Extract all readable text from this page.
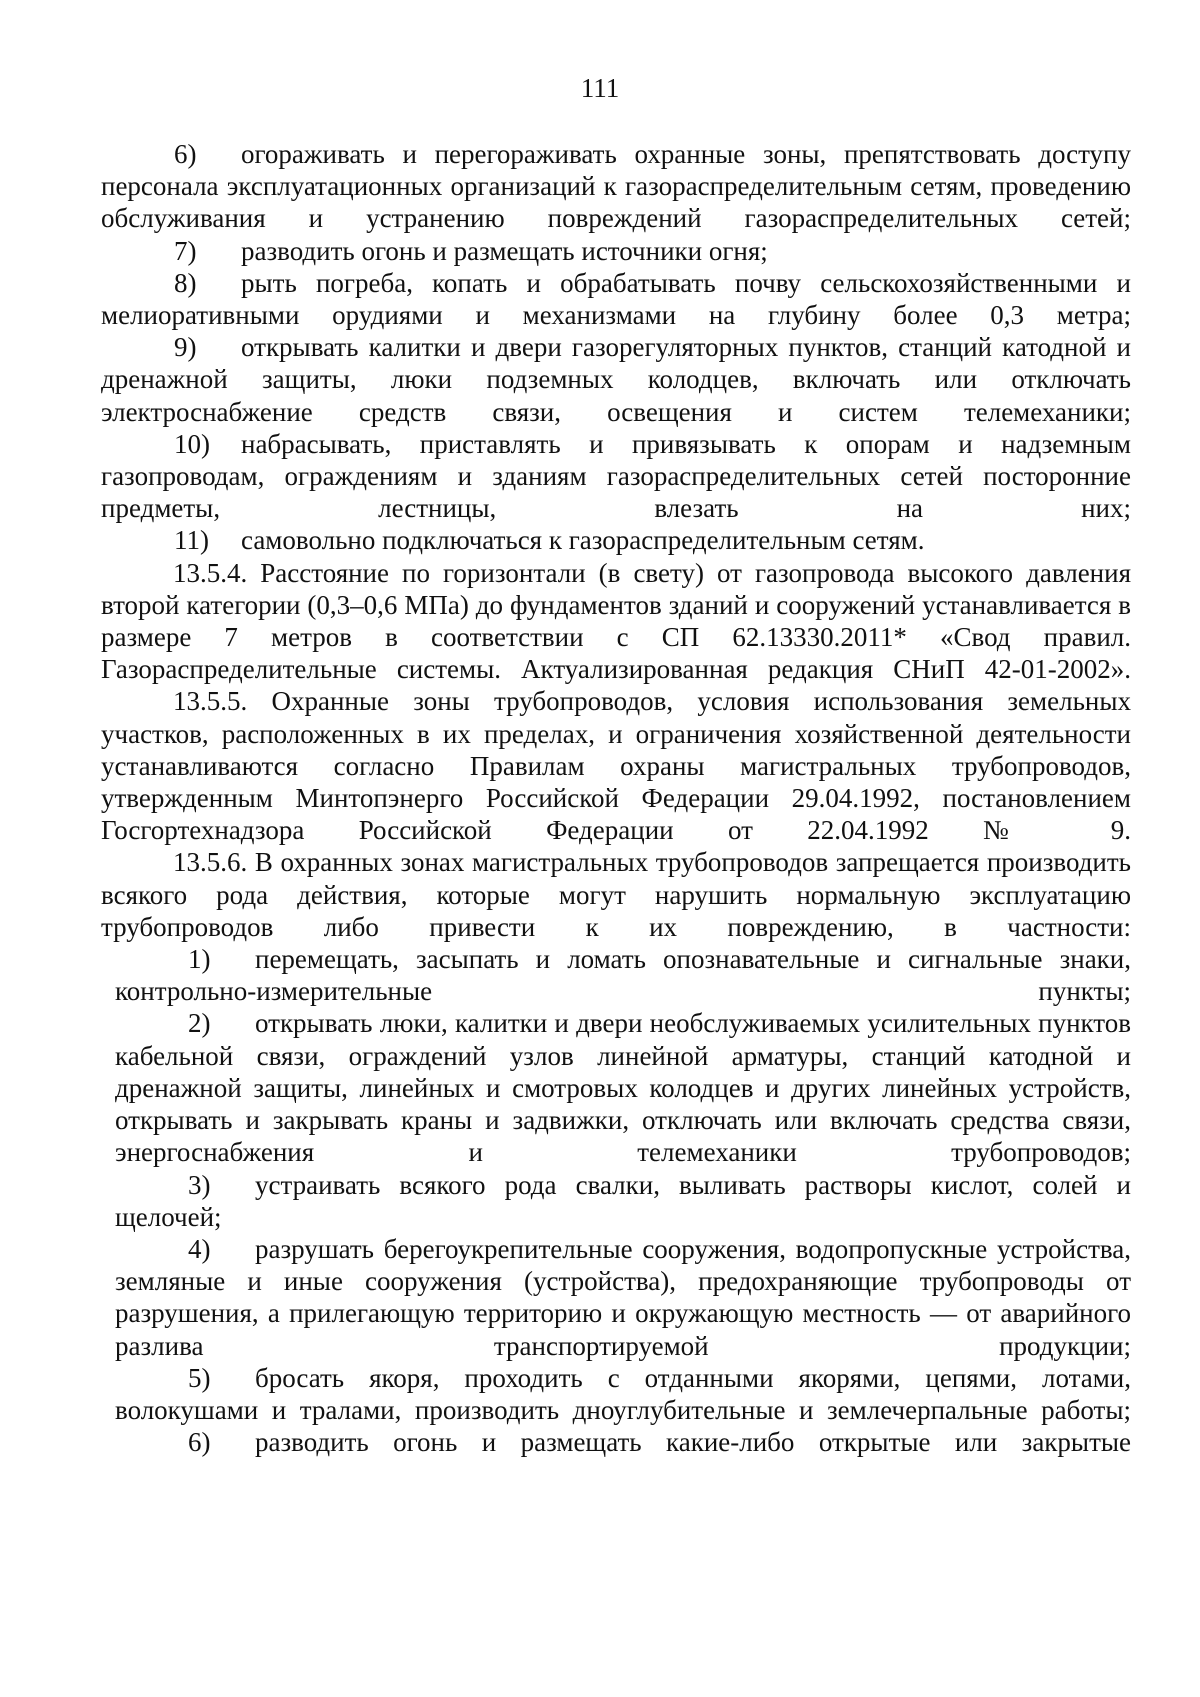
111

6) огораживать и перегораживать охранные зоны, препятствовать доступу персонала эксплуатационных организаций к газораспределительным сетям, проведению обслуживания и устранению повреждений газораспределительных сетей;

7) разводить огонь и размещать источники огня;

8) рыть погреба, копать и обрабатывать почву сельскохозяйственными и мелиоративными орудиями и механизмами на глубину более 0,3 метра;

9) открывать калитки и двери газорегуляторных пунктов, станций катодной и дренажной защиты, люки подземных колодцев, включать или отключать электроснабжение средств связи, освещения и систем телемеханики;

10) набрасывать, приставлять и привязывать к опорам и надземным газопроводам, ограждениям и зданиям газораспределительных сетей посторонние предметы, лестницы, влезать на них;

11) самовольно подключаться к газораспределительным сетям.

13.5.4. Расстояние по горизонтали (в свету) от газопровода высокого давления второй категории (0,3–0,6 МПа) до фундаментов зданий и сооружений устанавливается в размере 7 метров в соответствии с СП 62.13330.2011* «Свод правил. Газораспределительные системы. Актуализированная редакция СНиП 42-01-2002».

13.5.5. Охранные зоны трубопроводов, условия использования земельных участков, расположенных в их пределах, и ограничения хозяйственной деятельности устанавливаются согласно Правилам охраны магистральных трубопроводов, утвержденным Минтопэнерго Российской Федерации 29.04.1992, постановлением Госгортехнадзора Российской Федерации от 22.04.1992 № 9.

13.5.6. В охранных зонах магистральных трубопроводов запрещается производить всякого рода действия, которые могут нарушить нормальную эксплуатацию трубопроводов либо привести к их повреждению, в частности:

1) перемещать, засыпать и ломать опознавательные и сигнальные знаки, контрольно-измерительные пункты;

2) открывать люки, калитки и двери необслуживаемых усилительных пунктов кабельной связи, ограждений узлов линейной арматуры, станций катодной и дренажной защиты, линейных и смотровых колодцев и других линейных устройств, открывать и закрывать краны и задвижки, отключать или включать средства связи, энергоснабжения и телемеханики трубопроводов;

3) устраивать всякого рода свалки, выливать растворы кислот, солей и щелочей;

4) разрушать берегоукрепительные сооружения, водопропускные устройства, земляные и иные сооружения (устройства), предохраняющие трубопроводы от разрушения, а прилегающую территорию и окружающую местность — от аварийного разлива транспортируемой продукции;

5) бросать якоря, проходить с отданными якорями, цепями, лотами, волокушами и тралами, производить дноуглубительные и землечерпальные работы;

6) разводить огонь и размещать какие-либо открытые или закрытые
